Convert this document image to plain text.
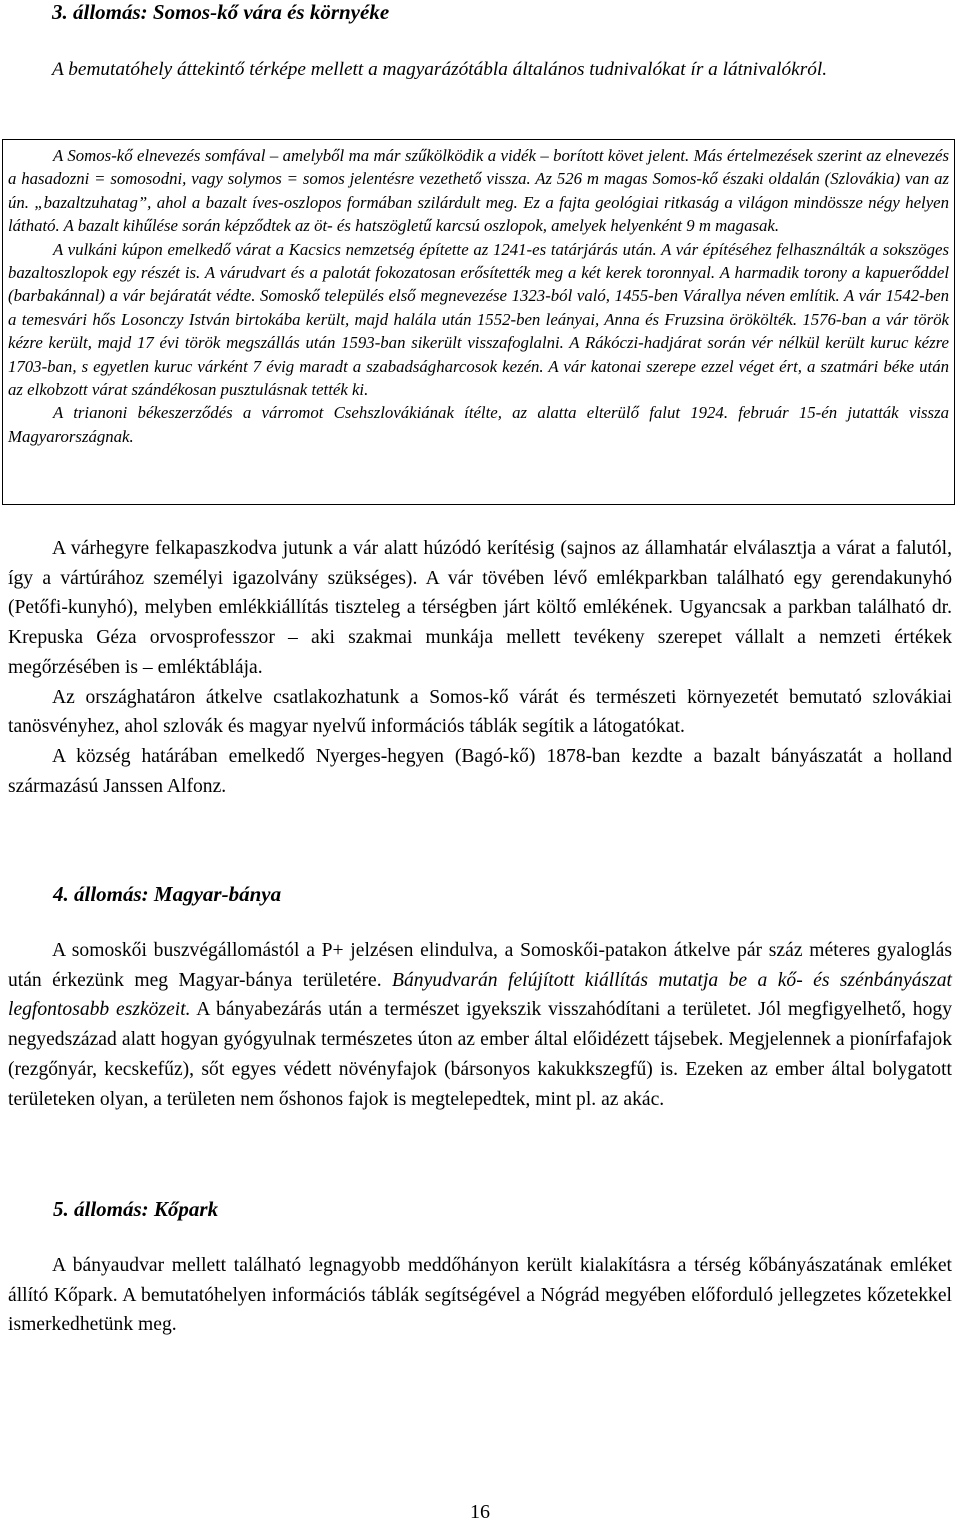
3. állomás: Somos-kő vára és környéke

A bemutatóhely áttekintő térképe mellett a magyarázótábla általános tudnivalókat ír a látnivalókról.

A Somos-kő elnevezés somfával – amelyből ma már szűkölködik a vidék – borított követ jelent. Más értelmezések szerint az elnevezés a hasadozni = somosodni, vagy solymos = somos jelentésre vezethető vissza. Az 526 m magas Somos-kő északi oldalán (Szlovákia) van az ún. „bazaltzuhatag”, ahol a bazalt íves-oszlopos formában szilárdult meg. Ez a fajta geológiai ritkaság a világon mindössze négy helyen látható. A bazalt kihűlése során képződtek az öt- és hatszögletű karcsú oszlopok, amelyek helyenként 9 m magasak.

A vulkáni kúpon emelkedő várat a Kacsics nemzetség építette az 1241-es tatárjárás után. A vár építéséhez felhasználták a sokszöges bazaltoszlopok egy részét is. A várudvart és a palotát fokozatosan erősítették meg a két kerek toronnyal. A harmadik torony a kapuerőddel (barbakánnal) a vár bejáratát védte. Somoskő település első megnevezése 1323-ból való, 1455-ben Várallya néven említik. A vár 1542-ben a temesvári hős Losonczy István birtokába került, majd halála után 1552-ben leányai, Anna és Fruzsina örökölték. 1576-ban a vár török kézre került, majd 17 évi török megszállás után 1593-ban sikerült visszafoglalni. A Rákóczi-hadjárat során vér nélkül került kuruc kézre 1703-ban, s egyetlen kuruc várként 7 évig maradt a szabadságharcosok kezén. A vár katonai szerepe ezzel véget ért, a szatmári béke után az elkobzott várat szándékosan pusztulásnak tették ki.

A trianoni békeszerződés a várromot Csehszlovákiának ítélte, az alatta elterülő falut 1924. február 15-én jutatták vissza Magyarországnak.

A várhegyre felkapaszkodva jutunk a vár alatt húzódó kerítésig (sajnos az államhatár elválasztja a várat a falutól, így a vártúrához személyi igazolvány szükséges). A vár tövében lévő emlékparkban található egy gerendakunyhó (Petőfi-kunyhó), melyben emlékkiállítás tiszteleg a térségben járt költő emlékének. Ugyancsak a parkban található dr. Krepuska Géza orvosprofesszor – aki szakmai munkája mellett tevékeny szerepet vállalt a nemzeti értékek megőrzésében is – emléktáblája.

Az országhatáron átkelve csatlakozhatunk a Somos-kő várát és természeti környezetét bemutató szlovákiai tanösvényhez, ahol szlovák és magyar nyelvű információs táblák segítik a látogatókat.

A község határában emelkedő Nyerges-hegyen (Bagó-kő) 1878-ban kezdte a bazalt bányászatát a holland származású Janssen Alfonz.

4. állomás: Magyar-bánya

A somoskői buszvégállomástól a P+ jelzésen elindulva, a Somoskői-patakon átkelve pár száz méteres gyaloglás után érkezünk meg Magyar-bánya területére. Bányudvarán felújított kiállítás mutatja be a kő- és szénbányászat legfontosabb eszközeit. A bányabezárás után a természet igyekszik visszahódítani a területet. Jól megfigyelhető, hogy negyedszázad alatt hogyan gyógyulnak természetes úton az ember által előidézett tájsebek. Megjelennek a pionírfafajok (rezgőnyár, kecskefűz), sőt egyes védett növényfajok (bársonyos kakukkszegfű) is. Ezeken az ember által bolygatott területeken olyan, a területen nem őshonos fajok is megtelepedtek, mint pl. az akác.

5. állomás: Kőpark

A bányaudvar mellett található legnagyobb meddőhányon került kialakításra a térség kőbányászatának emléket állító Kőpark. A bemutatóhelyen információs táblák segítségével a Nógrád megyében előforduló jellegzetes kőzetekkel ismerkedhetünk meg.

16
